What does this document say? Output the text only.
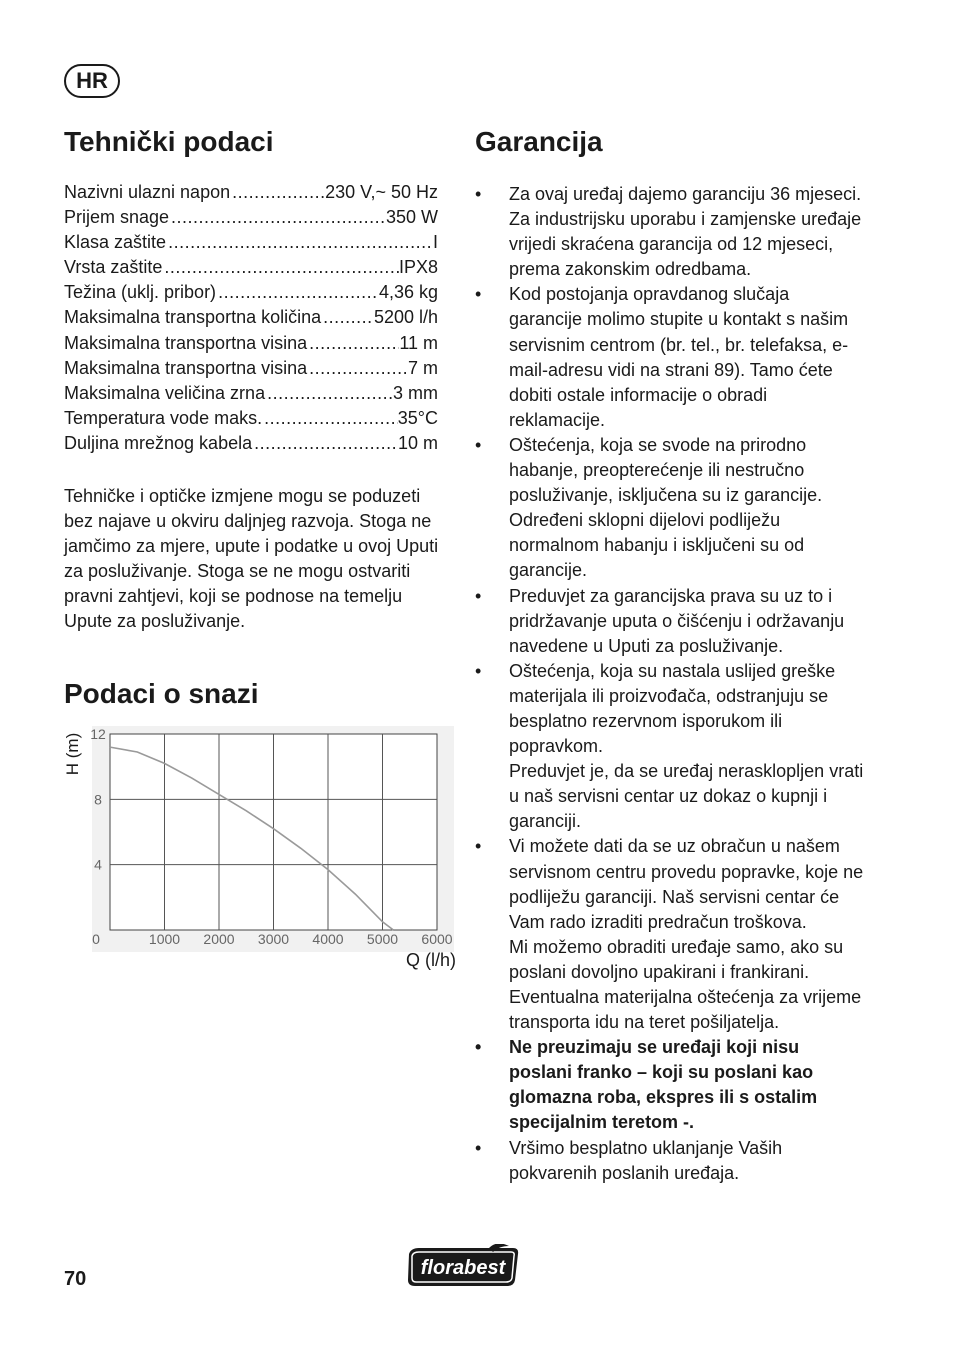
HR
Tehnički podaci	Garancija
Nazivni ulazni napon .....	230 V,~ 50 Hz
Prijem snage .....	350 W
Klasa zaštite .....	I
Vrsta zaštite .....	IPX8
Težina (uklj. pribor) .....	4,36 kg
Maksimalna transportna količina .....	5200 l/h
Maksimalna transportna visina .....	11 m
Maksimalna transportna visina .....	7 m
Maksimalna veličina zrna .....	3 mm
Temperatura vode maks. .....	35°C
Duljina mrežnog kabela .....	10 m

Tehničke i optičke izmjene mogu se poduzeti bez najave u okviru daljnjeg razvoja. Stoga ne jamčimo za mjere, upute i podatke u ovoj Uputi za posluživanje. Stoga se ne mogu ostvariti pravni zahtjevi, koji se podnose na temelju Upute za posluživanje.

Podaci o snazi
0	1000 2000 3000 4000 5000 6000
4
8
12
H (m)
Q (l/h)
• Za ovaj uređaj dajemo garanciju 36 mjeseci. Za industrijsku uporabu i zamjenske uređaje vrijedi skraćena garancija od 12 mjeseci, prema zakonskim odredbama.
• Kod postojanja opravdanog slučaja garancije molimo stupite u kontakt s našim servisnim centrom (br. tel., br. telefaksa, e-mail-adresu vidi na strani 89). Tamo ćete dobiti ostale informacije o obradi reklamacije.
• Oštećenja, koja se svode na prirodno habanje, preopterećenje ili nestručno posluživanje, isključena su iz garancije. Određeni sklopni dijelovi podliježu normalnom habanju i isključeni su od garancije.
• Preduvjet za garancijska prava su uz to i pridržavanje uputa o čišćenju i održavanju navedene u Uputi za posluživanje.
• Oštećenja, koja su nastala uslijed greške materijala ili proizvođača, odstranjuju se besplatno rezervnom isporukom ili popravkom.
Preduvjet je, da se uređaj nerasklopljen vrati u naš servisni centar uz dokaz o kupnji i garanciji.
• Vi možete dati da se uz obračun u našem servisnom centru provedu popravke, koje ne podliježu garanciji. Naš servisni centar će Vam rado izraditi predračun troškova.
Mi možemo obraditi uređaje samo, ako su poslani dovoljno upakirani i frankirani. Eventualna materijalna oštećenja za vrijeme transporta idu na teret pošiljatelja.
• Ne preuzimaju se uređaji koji nisu poslani franko – koji su poslani kao glomazna roba, ekspres ili s ostalim specijalnim teretom -.
• Vršimo besplatno uklanjanje Vaših pokvarenih poslanih uređaja.
70	florabest
